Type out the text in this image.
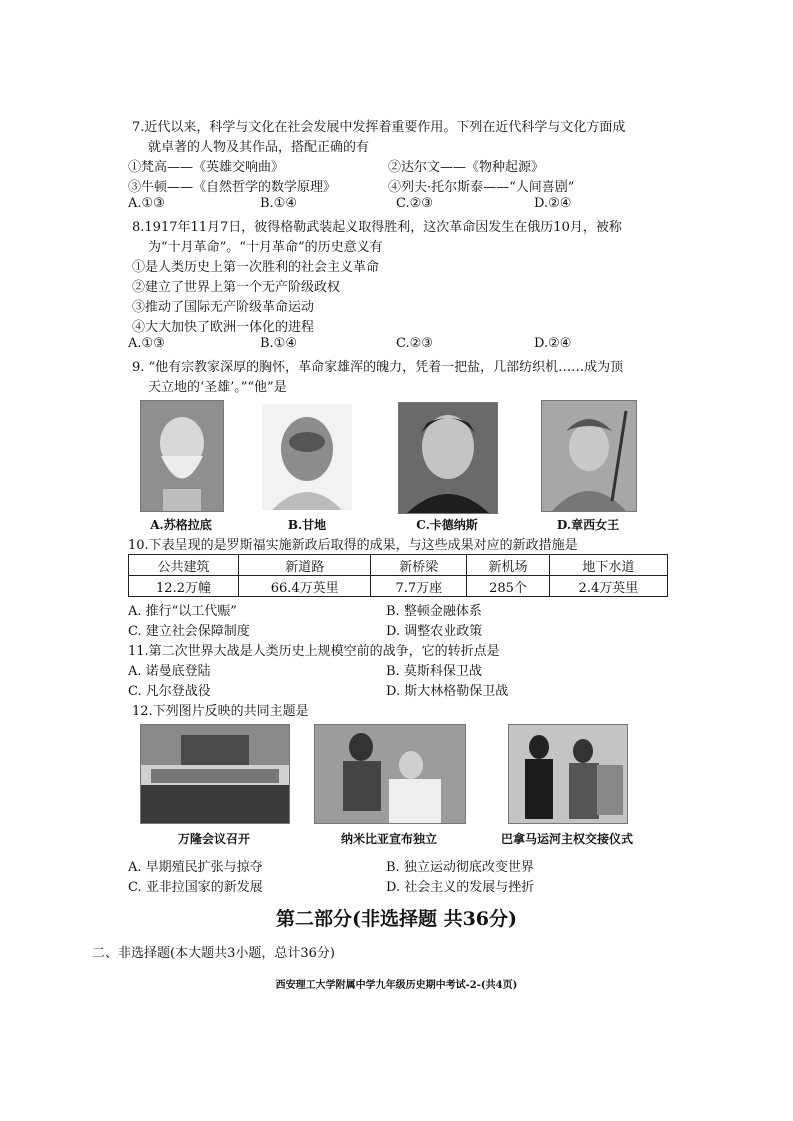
7.近代以来，科学与文化在社会发展中发挥着重要作用。下列在近代科学与文化方面成
就卓著的人物及其作品，搭配正确的有
①梵高——《英雄交响曲》	②达尔文——《物种起源》
③牛顿——《自然哲学的数学原理》	④列夫·托尔斯泰——“人间喜剧”
A.①③	B.①④	C.②③	D.②④
8.1917年11月7日，彼得格勒武装起义取得胜利，这次革命因发生在俄历10月，被称
为“十月革命”。“十月革命”的历史意义有
①是人类历史上第一次胜利的社会主义革命
②建立了世界上第一个无产阶级政权
③推动了国际无产阶级革命运动
④大大加快了欧洲一体化的进程
A.①③	B.①④	C.②③	D.②④
9. “他有宗教家深厚的胸怀，革命家雄浑的魄力，凭着一把盐，几部纺织机……成为顶
天立地的‘圣雄’。”“他”是
A.苏格拉底	B.甘地	C.卡德纳斯	D.章西女王
10.下表呈现的是罗斯福实施新政后取得的成果，与这些成果对应的新政措施是
公共建筑	新道路	新桥梁	新机场	地下水道
12.2万幢	66.4万英里	7.7万座	285个	2.4万英里
A. 推行“以工代赈”	B. 整顿金融体系
C. 建立社会保障制度	D. 调整农业政策
11.第二次世界大战是人类历史上规模空前的战争，它的转折点是
A. 诺曼底登陆	B. 莫斯科保卫战
C. 凡尔登战役	D. 斯大林格勒保卫战
12.下列图片反映的共同主题是
万隆会议召开	纳米比亚宣布独立	巴拿马运河主权交接仪式
A. 早期殖民扩张与掠夺	B. 独立运动彻底改变世界
C. 亚非拉国家的新发展	D. 社会主义的发展与挫折
第二部分(非选择题 共36分)
二、非选择题(本大题共3小题，总计36分)
西安理工大学附属中学九年级历史期中考试-2-(共4页)
